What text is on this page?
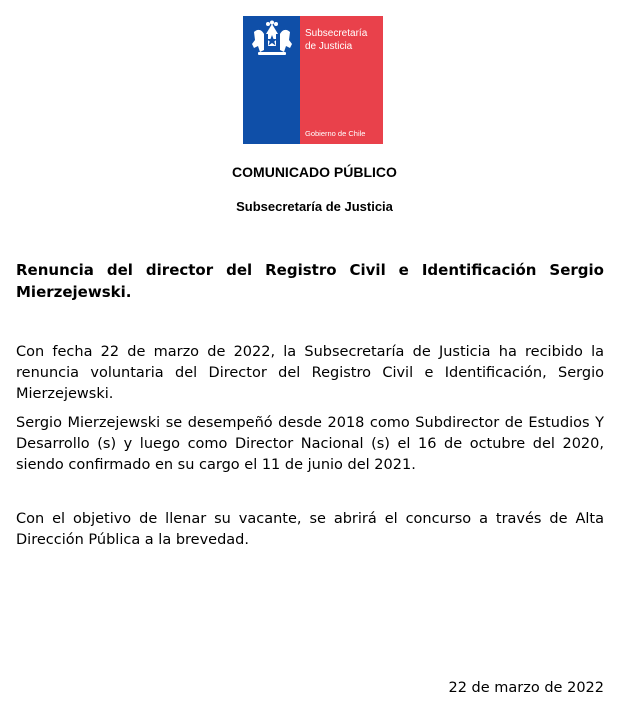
Subsecretaría
de Justicia
Gobierno de Chile
COMUNICADO PÚBLICO
Subsecretaría de Justicia
Renuncia del director del Registro Civil e Identificación Sergio Mierzejewski.
Con fecha 22 de marzo de 2022, la Subsecretaría de Justicia ha recibido la renuncia voluntaria del Director del Registro Civil e Identificación, Sergio Mierzejewski.
Sergio Mierzejewski se desempeñó desde 2018 como Subdirector de Estudios Y Desarrollo (s) y luego como Director Nacional (s) el 16 de octubre del 2020, siendo confirmado en su cargo el 11 de junio del 2021.
Con el objetivo de llenar su vacante, se abrirá el concurso a través de Alta Dirección Pública a la brevedad.
22 de marzo de 2022
